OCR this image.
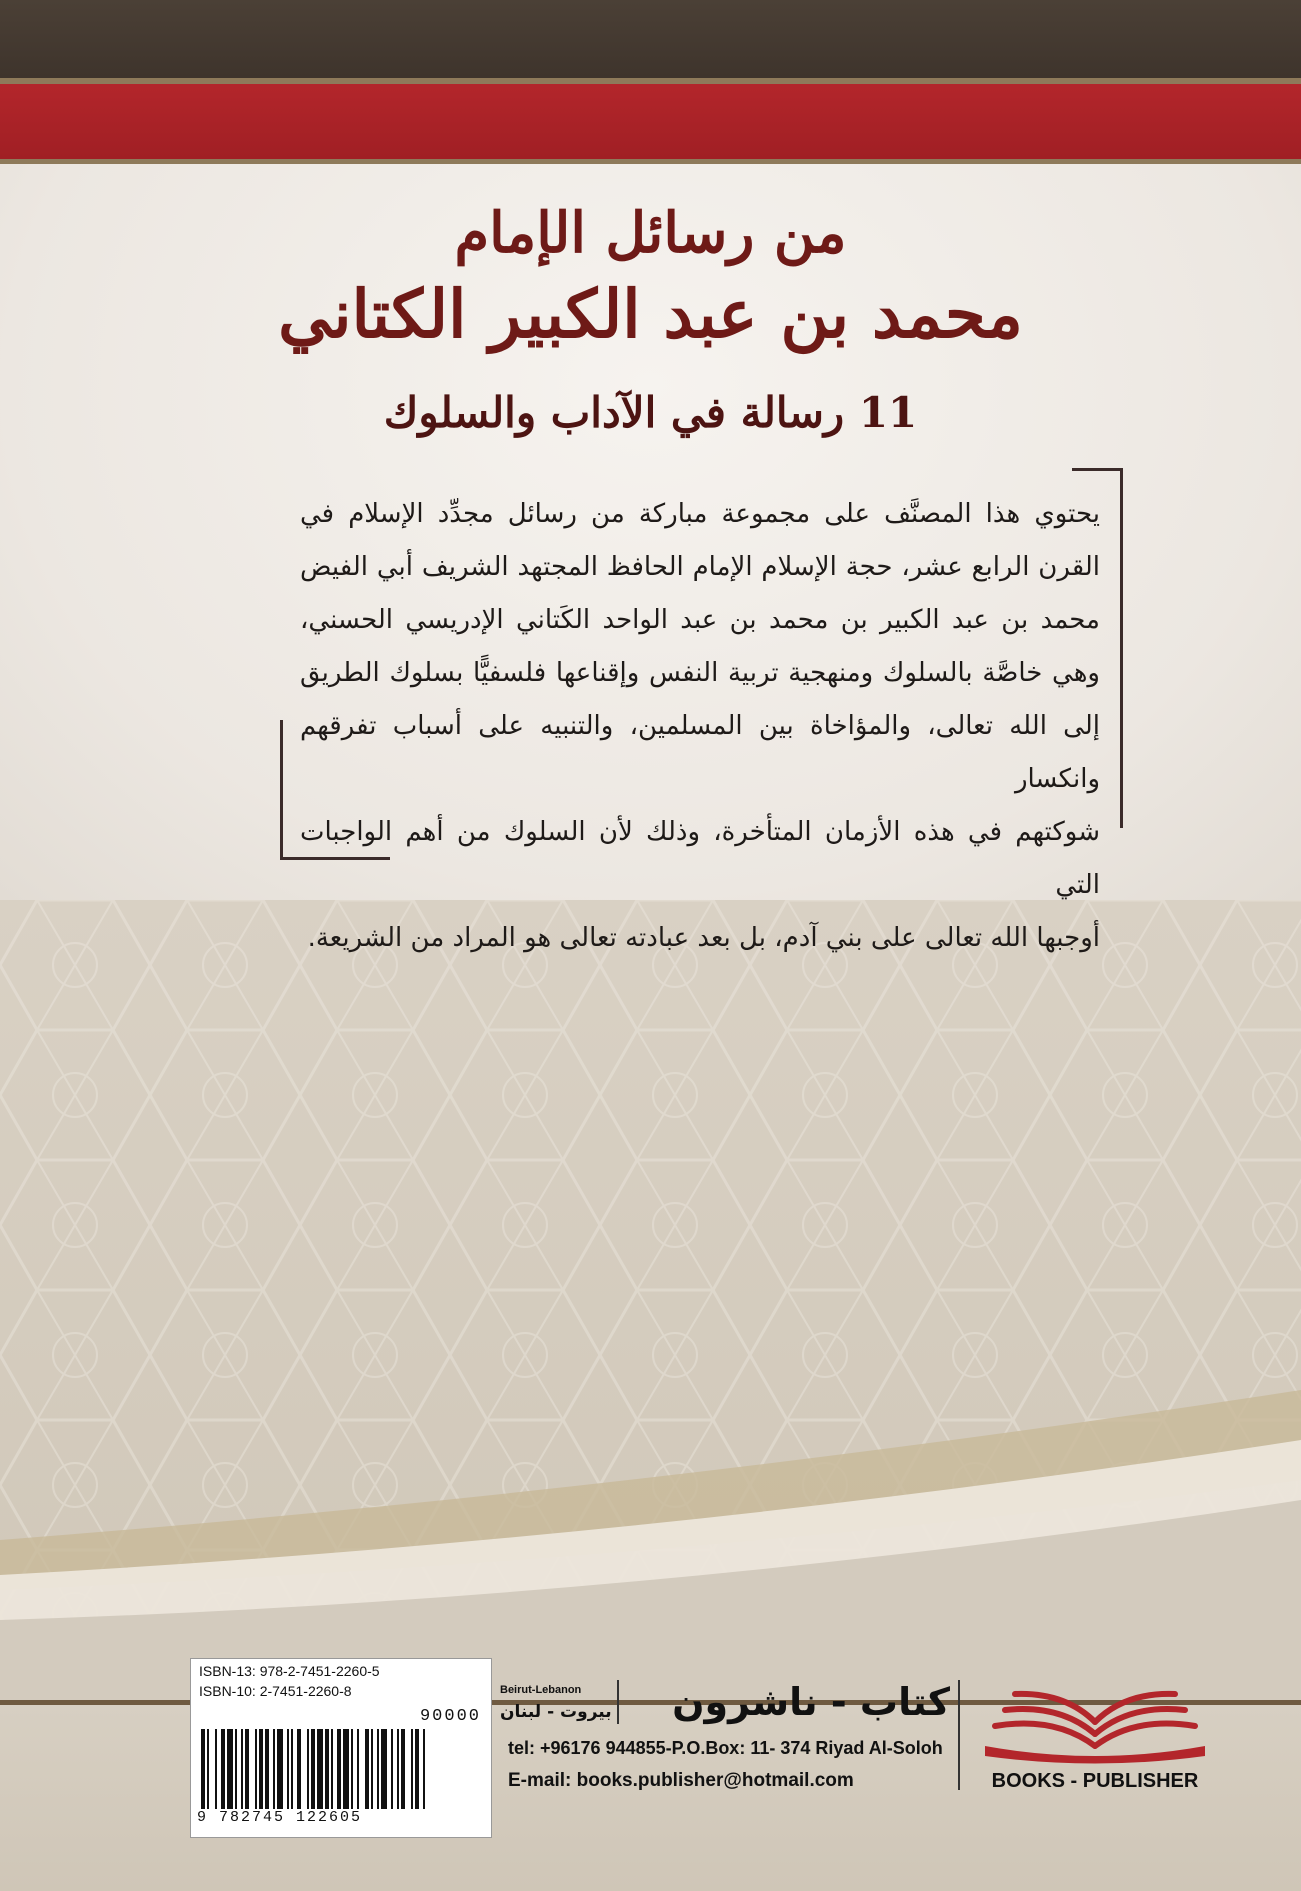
من رسائل الإمام
محمد بن عبد الكبير الكتاني
11 رسالة في الآداب والسلوك

يحتوي هذا المصنَّف على مجموعة مباركة من رسائل مجدِّد الإسلام في

القرن الرابع عشر، حجة الإسلام الإمام الحافظ المجتهد الشريف أبي الفيض

محمد بن عبد الكبير بن محمد بن عبد الواحد الكَتاني الإدريسي الحسني،

وهي خاصَّة بالسلوك ومنهجية تربية النفس وإقناعها فلسفيًّا بسلوك الطريق

إلى الله تعالى، والمؤاخاة بين المسلمين، والتنبيه على أسباب تفرقهم وانكسار

شوكتهم في هذه الأزمان المتأخرة، وذلك لأن السلوك من أهم الواجبات التي

أوجبها الله تعالى على بني آدم، بل بعد عبادته تعالى هو المراد من الشريعة.

ISBN-13: 978-2-7451-2260-5
ISBN-10: 2-7451-2260-8
90000
9 782745 122605
Beirut-Lebanon
بيروت - لبنان	كتاب - ناشرون
tel: +96176 944855-P.O.Box: 11- 374 Riyad Al-Soloh
E-mail: books.publisher@hotmail.com	BOOKS - PUBLISHER
